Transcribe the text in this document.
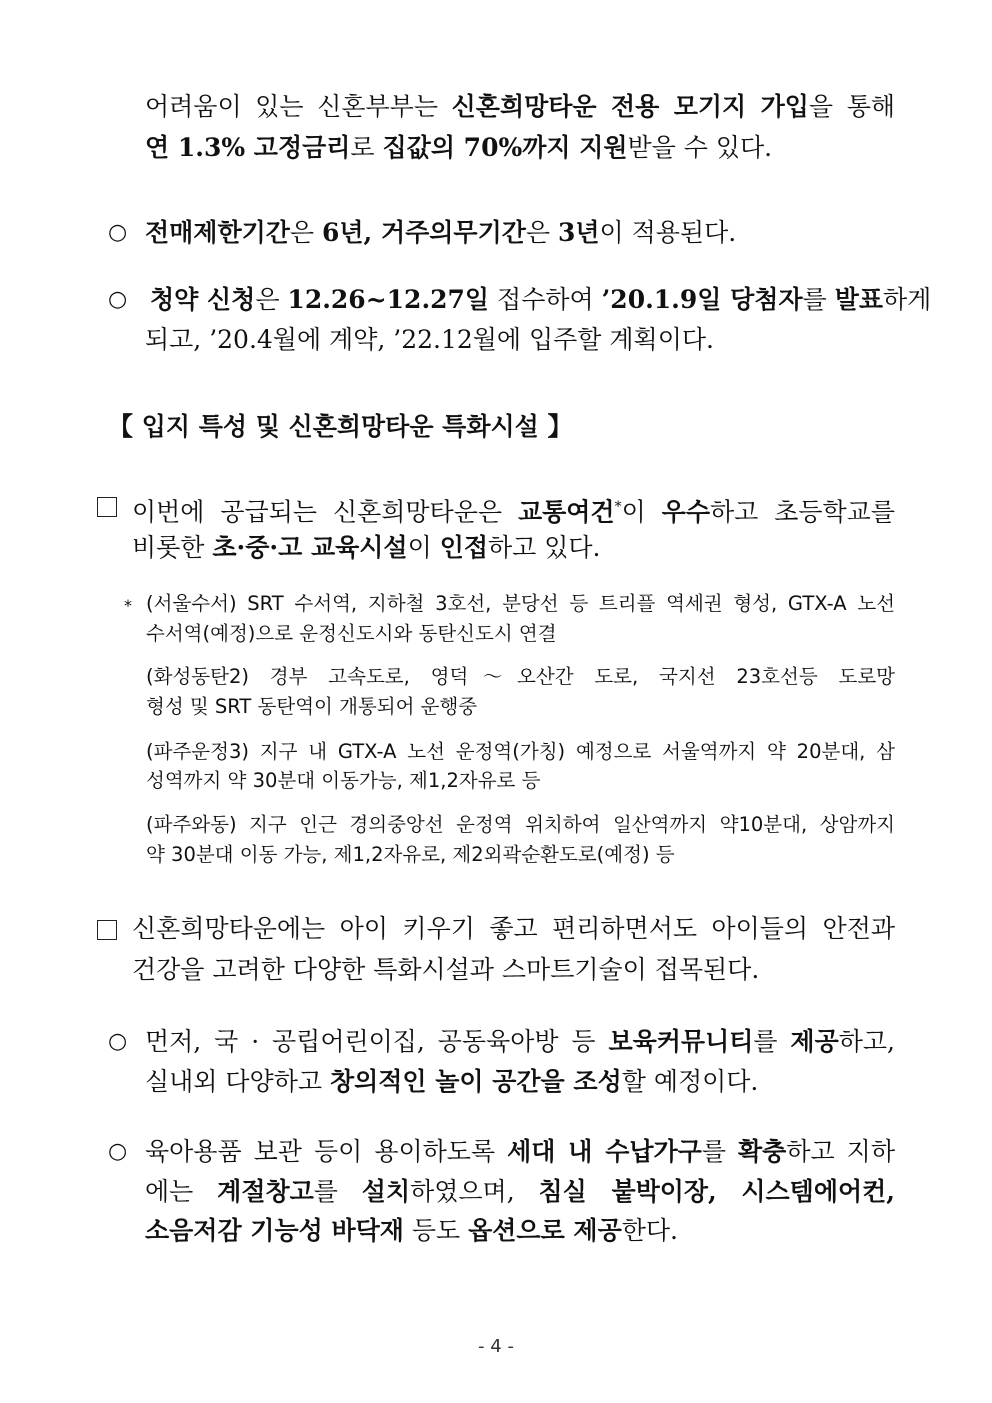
어려움이 있는 신혼부부는 신혼희망타운 전용 모기지 가입을 통해
연 1.3% 고정금리로 집값의 70%까지 지원받을 수 있다.
○ 전매제한기간은 6년, 거주의무기간은 3년이 적용된다.
○ 청약 신청은 12.26~12.27일 접수하여 ’20.1.9일 당첨자를 발표하게
되고, ’20.4월에 계약, ’22.12월에 입주할 계획이다.
【 입지 특성 및 신혼희망타운 특화시설 】
이번에 공급되는 신혼희망타운은 교통여건*이 우수하고 초등학교를
비롯한 초·중·고 교육시설이 인접하고 있다.
* (서울수서) SRT 수서역, 지하철 3호선, 분당선 등 트리플 역세권 형성, GTX-A 노선
수서역(예정)으로 운정신도시와 동탄신도시 연결
(화성동탄2) 경부 고속도로, 영덕～오산간 도로, 국지선 23호선등 도로망
형성 및 SRT 동탄역이 개통되어 운행중
(파주운정3) 지구 내 GTX-A 노선 운정역(가칭) 예정으로 서울역까지 약 20분대, 삼
성역까지 약 30분대 이동가능, 제1,2자유로 등
(파주와동) 지구 인근 경의중앙선 운정역 위치하여 일산역까지 약10분대, 상암까지
약 30분대 이동 가능, 제1,2자유로, 제2외곽순환도로(예정) 등
신혼희망타운에는 아이 키우기 좋고 편리하면서도 아이들의 안전과
건강을 고려한 다양한 특화시설과 스마트기술이 접목된다.
○ 먼저, 국 · 공립어린이집, 공동육아방 등 보육커뮤니티를 제공하고,
실내외 다양하고 창의적인 놀이 공간을 조성할 예정이다.
○ 육아용품 보관 등이 용이하도록 세대 내 수납가구를 확충하고 지하
에는 계절창고를 설치하였으며, 침실 붙박이장, 시스템에어컨,
소음저감 기능성 바닥재 등도 옵션으로 제공한다.
- 4 -
